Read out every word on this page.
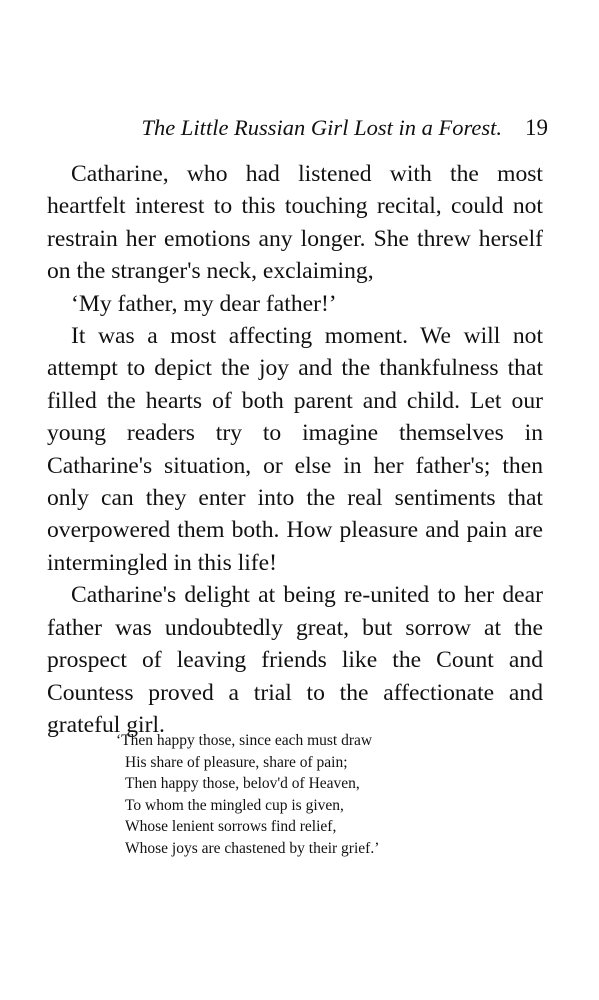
The Little Russian Girl Lost in a Forest. 19

Catharine, who had listened with the most heartfelt interest to this touching recital, could not restrain her emotions any longer. She threw herself on the stranger's neck, exclaiming,

‘My father, my dear father!’

It was a most affecting moment. We will not attempt to depict the joy and the thankfulness that filled the hearts of both parent and child. Let our young readers try to imagine themselves in Catharine's situation, or else in her father's; then only can they enter into the real sentiments that overpowered them both. How pleasure and pain are intermingled in this life!

Catharine's delight at being re-united to her dear father was undoubtedly great, but sorrow at the prospect of leaving friends like the Count and Countess proved a trial to the affectionate and grateful girl.

‘Then happy those, since each must draw
His share of pleasure, share of pain;
Then happy those, belov'd of Heaven,
To whom the mingled cup is given,
Whose lenient sorrows find relief,
Whose joys are chastened by their grief.’
